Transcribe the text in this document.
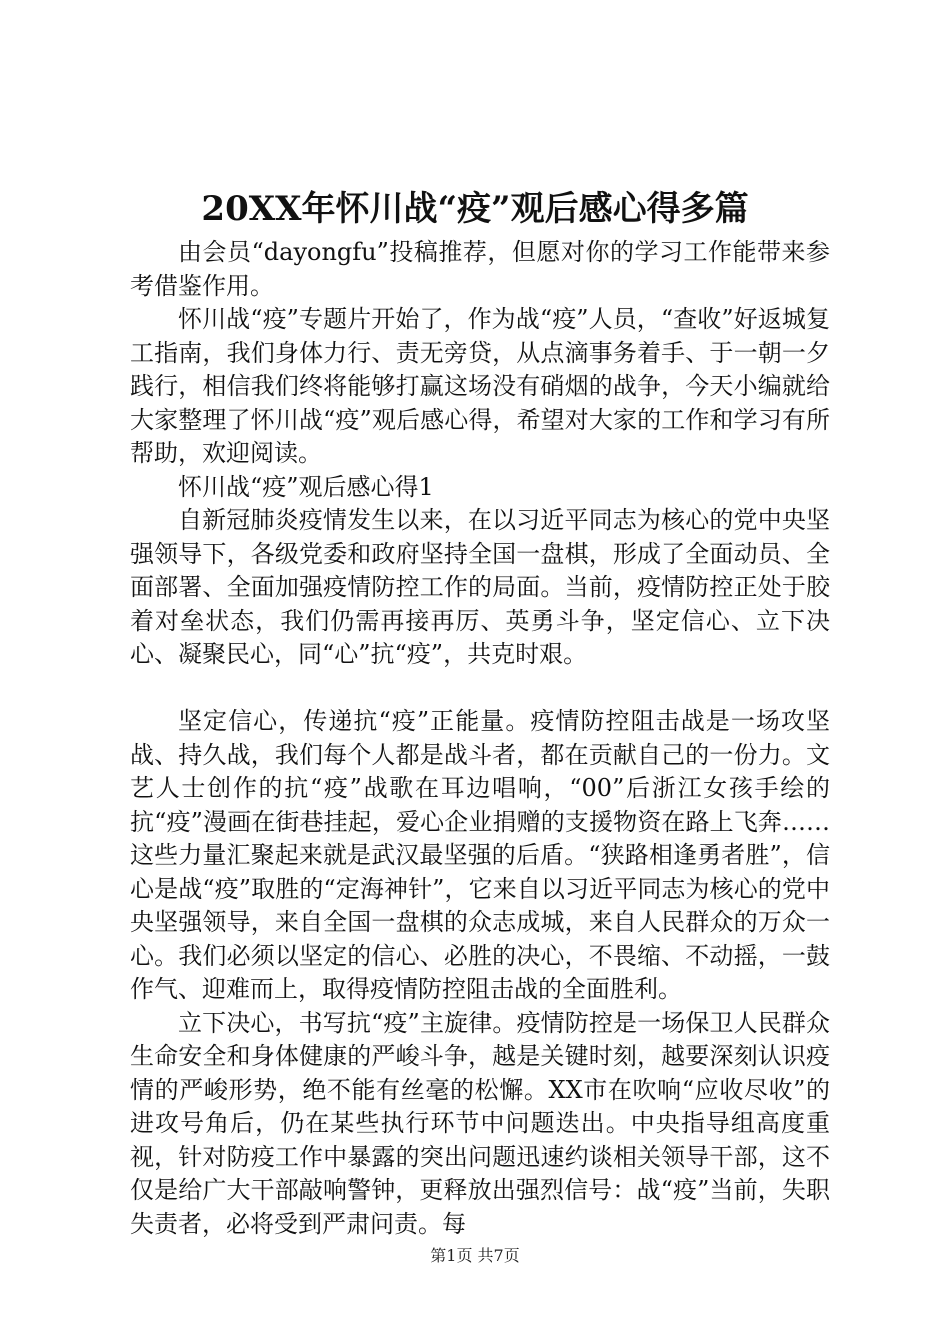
20XX年怀川战“疫”观后感心得多篇

由会员“dayongfu”投稿推荐，但愿对你的学习工作能带来参考借鉴作用。

怀川战“疫”专题片开始了，作为战“疫”人员，“查收”好返城复工指南，我们身体力行、责无旁贷，从点滴事务着手、于一朝一夕践行，相信我们终将能够打赢这场没有硝烟的战争，今天小编就给大家整理了怀川战“疫”观后感心得，希望对大家的工作和学习有所帮助，欢迎阅读。

怀川战“疫”观后感心得1

自新冠肺炎疫情发生以来，在以习近平同志为核心的党中央坚强领导下，各级党委和政府坚持全国一盘棋，形成了全面动员、全面部署、全面加强疫情防控工作的局面。当前，疫情防控正处于胶着对垒状态，我们仍需再接再厉、英勇斗争，坚定信心、立下决心、凝聚民心，同“心”抗“疫”，共克时艰。

坚定信心，传递抗“疫”正能量。疫情防控阻击战是一场攻坚战、持久战，我们每个人都是战斗者，都在贡献自己的一份力。文艺人士创作的抗“疫”战歌在耳边唱响，“00”后浙江女孩手绘的抗“疫”漫画在街巷挂起，爱心企业捐赠的支援物资在路上飞奔……这些力量汇聚起来就是武汉最坚强的后盾。“狭路相逢勇者胜”，信心是战“疫”取胜的“定海神针”，它来自以习近平同志为核心的党中央坚强领导，来自全国一盘棋的众志成城，来自人民群众的万众一心。我们必须以坚定的信心、必胜的决心，不畏缩、不动摇，一鼓作气、迎难而上，取得疫情防控阻击战的全面胜利。

立下决心，书写抗“疫”主旋律。疫情防控是一场保卫人民群众生命安全和身体健康的严峻斗争，越是关键时刻，越要深刻认识疫情的严峻形势，绝不能有丝毫的松懈。XX市在吹响“应收尽收”的进攻号角后，仍在某些执行环节中问题迭出。中央指导组高度重视，针对防疫工作中暴露的突出问题迅速约谈相关领导干部，这不仅是给广大干部敲响警钟，更释放出强烈信号：战“疫”当前，失职失责者，必将受到严肃问责。每

第1页 共7页
